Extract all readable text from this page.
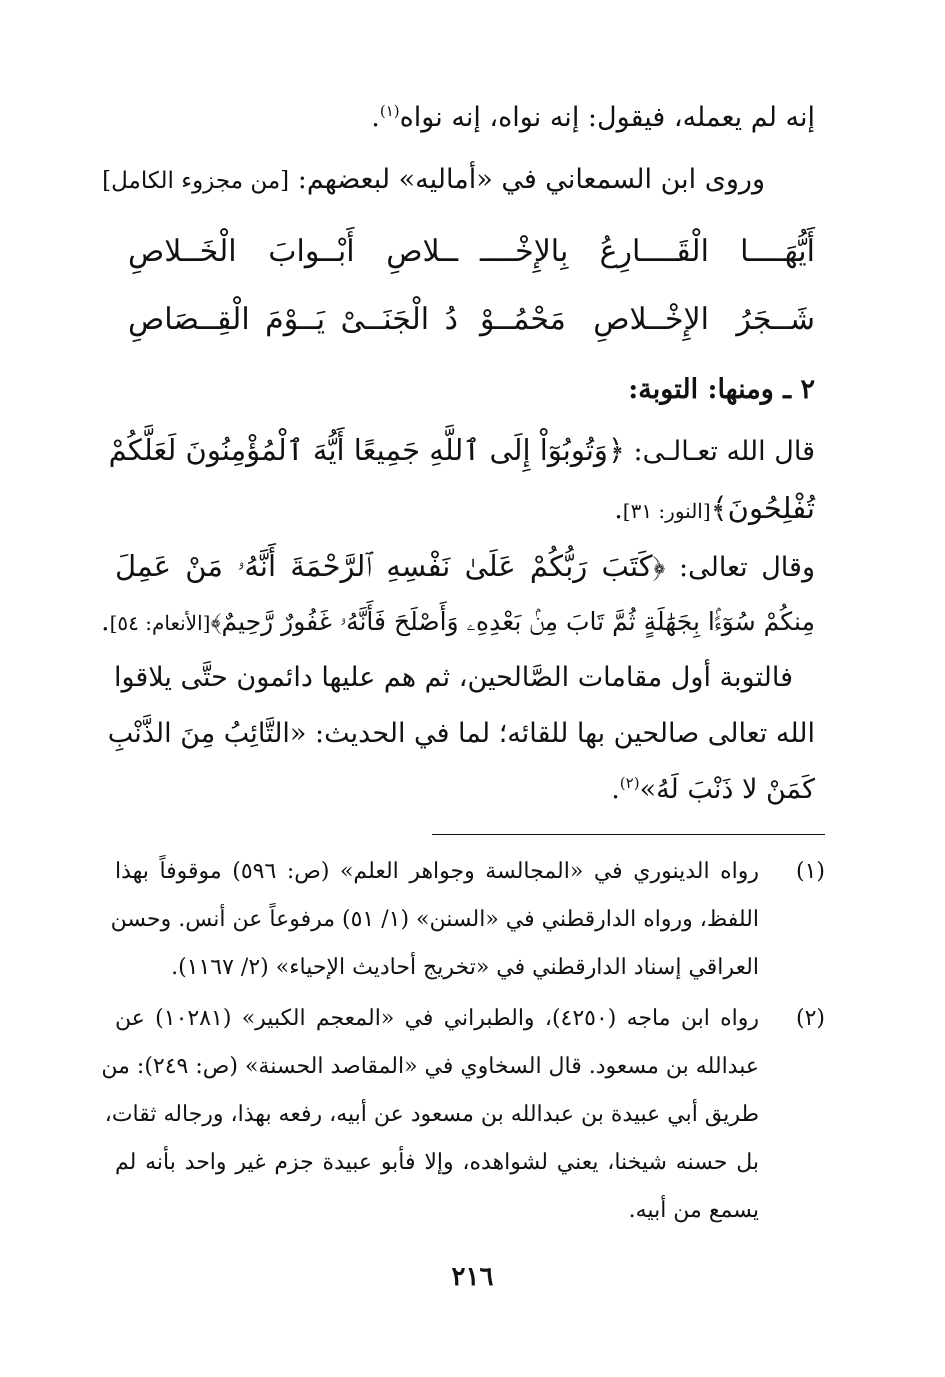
إنه لم يعمله، فيقول: إنه نواه، إنه نواه$^{(١)}$.
وروى ابن السمعاني في «أماليه» لبعضهم: [من مجزوء الكامل]
أَيُّهَــــا الْقَــــارِعُ بِالإِخْــــ
ــلاصِ أَبْــوابَ الْخَــلاصِ
شَــجَرُ الإِخْــلاصِ مَحْمُــوْ
دُ الْجَنَــىْ يَــوْمَ الْقِــصَاصِ
٢ ـ ومنها: التوبة:
قال الله تعـالـى: ﴿وَتُوبُوٓاْ إِلَى ٱللَّهِ جَمِيعًا أَيُّهَ ٱلْمُؤْمِنُونَ لَعَلَّكُمْ
تُفْلِحُونَ﴾[النور: ٣١].
وقال تعالى: ﴿كَتَبَ رَبُّكُمْ عَلَىٰ نَفْسِهِ ٱلرَّحْمَةَ أَنَّهُۥ مَنْ عَمِلَ
مِنكُمْ سُوٓءًۢا بِجَهَٰلَةٍ ثُمَّ تَابَ مِنۢ بَعْدِهِۦ وَأَصْلَحَ فَأَنَّهُۥ غَفُورٌ رَّحِيمٌ﴾[الأنعام: ٥٤].
فالتوبة أول مقامات الصَّالحين، ثم هم عليها دائمون حتَّى يلاقوا
الله تعالى صالحين بها للقائه؛ لما في الحديث: «التَّائِبُ مِنَ الذَّنْبِ
كَمَنْ لا ذَنْبَ لَهُ»$^{(٢)}$.
(١)
رواه الدينوري في «المجالسة وجواهر العلم» (ص: ٥٩٦) موقوفاً بهذا
اللفظ، ورواه الدارقطني في «السنن» (١/ ٥١) مرفوعاً عن أنس. وحسن
العراقي إسناد الدارقطني في «تخريج أحاديث الإحياء» (٢/ ١١٦٧).
(٢)
رواه ابن ماجه (٤٢٥٠)، والطبراني في «المعجم الكبير» (١٠٢٨١) عن
عبدالله بن مسعود. قال السخاوي في «المقاصد الحسنة» (ص: ٢٤٩): من
طريق أبي عبيدة بن عبدالله بن مسعود عن أبيه، رفعه بهذا، ورجاله ثقات،
بل حسنه شيخنا، يعني لشواهده، وإلا فأبو عبيدة جزم غير واحد بأنه لم
يسمع من أبيه.
٢١٦
